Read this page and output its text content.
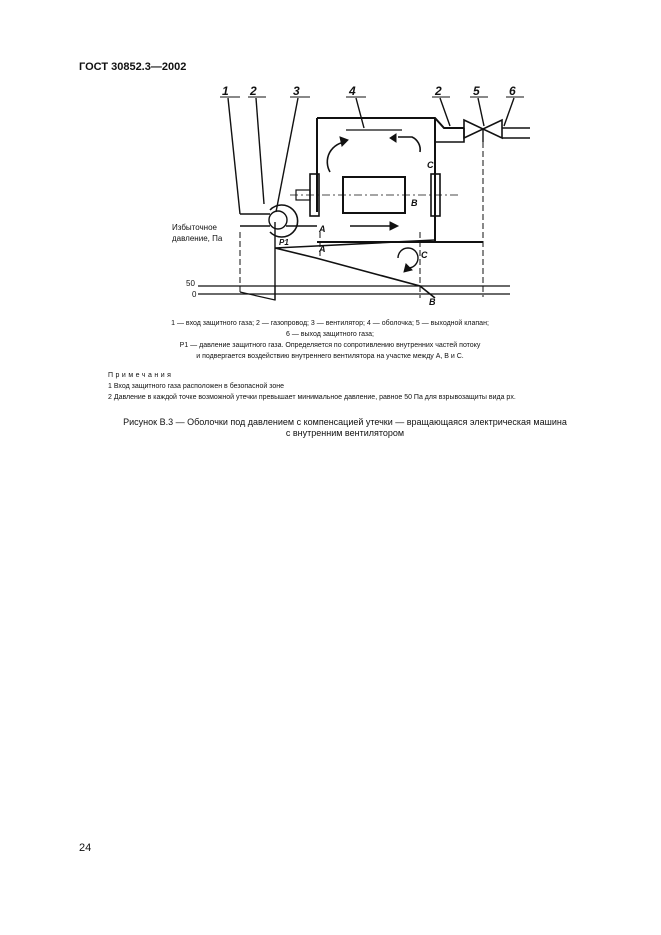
ГОСТ 30852.3—2002
1 2	3	4	2	5 6
A
A
B
B
C
C
Избыточное
давление, Па	P1
50
0
1 — вход защитного газа; 2 — газопровод; 3 — вентилятор; 4 — оболочка; 5 — выходной клапан;
6 — выход защитного газа;
P1 — давление защитного газа. Определяется по сопротивлению внутренних частей потоку
и подвергается воздействию внутреннего вентилятора на участке между A, B и C.
Примечания
1 Вход защитного газа расположен в безопасной зоне
2 Давление в каждой точке возможной утечки превышает минимальное давление, равное 50 Па для взрывозащиты вида px.
Рисунок В.3 — Оболочки под давлением с компенсацией утечки — вращающаяся электрическая машина
с внутренним вентилятором
24
